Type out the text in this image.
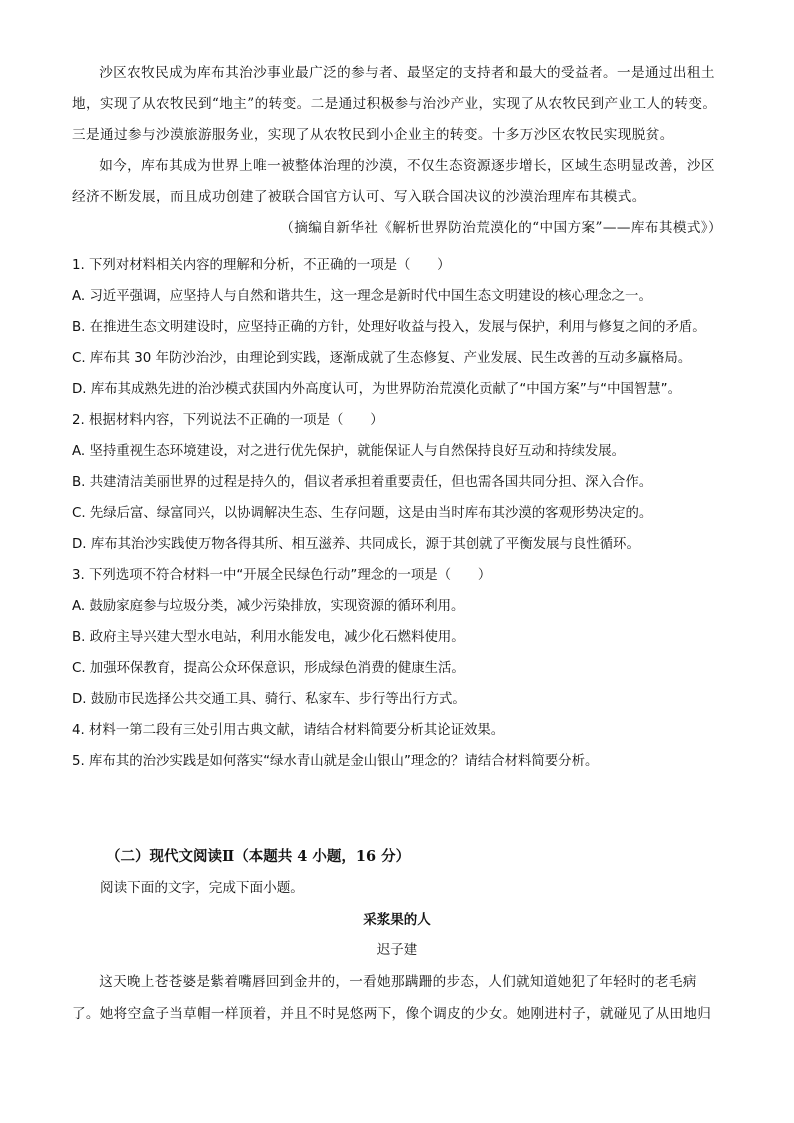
沙区农牧民成为库布其治沙事业最广泛的参与者、最坚定的支持者和最大的受益者。一是通过出租土地，实现了从农牧民到“地主”的转变。二是通过积极参与治沙产业，实现了从农牧民到产业工人的转变。三是通过参与沙漠旅游服务业，实现了从农牧民到小企业主的转变。十多万沙区农牧民实现脱贫。

如今，库布其成为世界上唯一被整体治理的沙漠，不仅生态资源逐步增长，区域生态明显改善，沙区经济不断发展，而且成功创建了被联合国官方认可、写入联合国决议的沙漠治理库布其模式。

（摘编自新华社《解析世界防治荒漠化的“中国方案”——库布其模式》）

1. 下列对材料相关内容的理解和分析，不正确的一项是（　　）

A. 习近平强调，应坚持人与自然和谐共生，这一理念是新时代中国生态文明建设的核心理念之一。

B. 在推进生态文明建设时，应坚持正确的方针，处理好收益与投入，发展与保护，利用与修复之间的矛盾。

C. 库布其 30 年防沙治沙，由理论到实践，逐渐成就了生态修复、产业发展、民生改善的互动多赢格局。

D. 库布其成熟先进的治沙模式获国内外高度认可，为世界防治荒漠化贡献了“中国方案”与“中国智慧”。

2. 根据材料内容，下列说法不正确的一项是（　　）

A. 坚持重视生态环境建设，对之进行优先保护，就能保证人与自然保持良好互动和持续发展。

B. 共建清洁美丽世界的过程是持久的，倡议者承担着重要责任，但也需各国共同分担、深入合作。

C. 先绿后富、绿富同兴，以协调解决生态、生存问题，这是由当时库布其沙漠的客观形势决定的。

D. 库布其治沙实践使万物各得其所、相互滋养、共同成长，源于其创就了平衡发展与良性循环。

3. 下列选项不符合材料一中“开展全民绿色行动”理念的一项是（　　）

A. 鼓励家庭参与垃圾分类，减少污染排放，实现资源的循环利用。

B. 政府主导兴建大型水电站，利用水能发电，减少化石燃料使用。

C. 加强环保教育，提高公众环保意识，形成绿色消费的健康生活。

D. 鼓励市民选择公共交通工具、骑行、私家车、步行等出行方式。

4. 材料一第二段有三处引用古典文献，请结合材料简要分析其论证效果。

5. 库布其的治沙实践是如何落实“绿水青山就是金山银山”理念的？请结合材料简要分析。

（二）现代文阅读Ⅱ（本题共 4 小题，16 分）
阅读下面的文字，完成下面小题。
采浆果的人
迟子建

这天晚上苍苍婆是紫着嘴唇回到金井的，一看她那蹒跚的步态，人们就知道她犯了年轻时的老毛病了。她将空盒子当草帽一样顶着，并且不时晃悠两下，像个调皮的少女。她刚进村子，就碰见了从田地归
